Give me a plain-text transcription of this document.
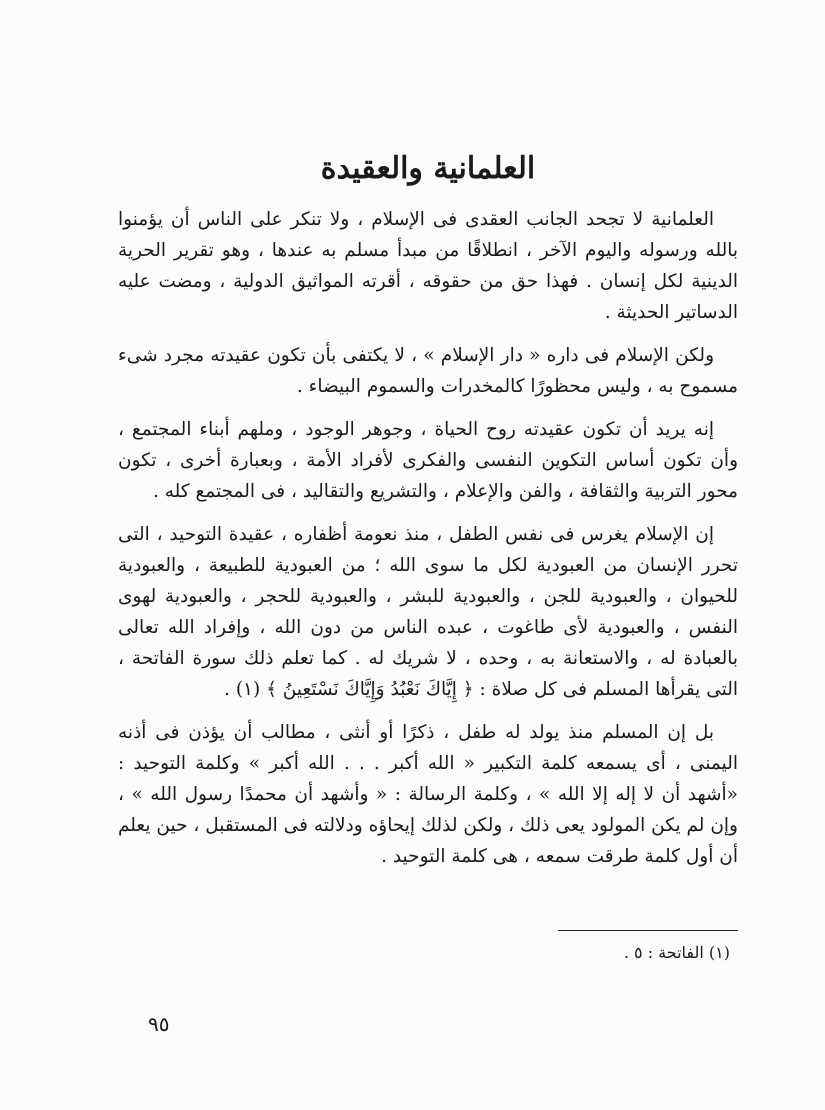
العلمانية والعقيدة

العلمانية لا تجحد الجانب العقدى فى الإسلام ، ولا تنكر على الناس أن يؤمنوا بالله ورسوله واليوم الآخر ، انطلاقًا من مبدأ مسلم به عندها ، وهو تقرير الحرية الدينية لكل إنسان . فهذا حق من حقوقه ، أقرته المواثيق الدولية ، ومضت عليه الدساتير الحديثة .

ولكن الإسلام فى داره « دار الإسلام » ، لا يكتفى بأن تكون عقيدته مجرد شىء مسموح به ، وليس محظورًا كالمخدرات والسموم البيضاء .

إنه يريد أن تكون عقيدته روح الحياة ، وجوهر الوجود ، وملهم أبناء المجتمع ، وأن تكون أساس التكوين النفسى والفكرى لأفراد الأمة ، وبعبارة أخرى ، تكون محور التربية والثقافة ، والفن والإعلام ، والتشريع والتقاليد ، فى المجتمع كله .

إن الإسلام يغرس فى نفس الطفل ، منذ نعومة أظفاره ، عقيدة التوحيد ، التى تحرر الإنسان من العبودية لكل ما سوى الله ؛ من العبودية للطبيعة ، والعبودية للحيوان ، والعبودية للجن ، والعبودية للبشر ، والعبودية للحجر ، والعبودية لهوى النفس ، والعبودية لأى طاغوت ، عبده الناس من دون الله ، وإفراد الله تعالى بالعبادة له ، والاستعانة به ، وحده ، لا شريك له . كما تعلم ذلك سورة الفاتحة ، التى يقرأها المسلم فى كل صلاة : ﴿ إِيَّاكَ نَعْبُدُ وَإِيَّاكَ نَسْتَعِينُ ﴾ (١) .

بل إن المسلم منذ يولد له طفل ، ذكرًا أو أنثى ، مطالب أن يؤذن فى أذنه اليمنى ، أى يسمعه كلمة التكبير « الله أكبر . . . الله أكبر » وكلمة التوحيد : «أشهد أن لا إله إلا الله » ، وكلمة الرسالة : « وأشهد أن محمدًا رسول الله » ، وإن لم يكن المولود يعى ذلك ، ولكن لذلك إيحاؤه ودلالته فى المستقبل ، حين يعلم أن أول كلمة طرقت سمعه ، هى كلمة التوحيد .

(١) الفاتحة : ٥ .
٩٥
